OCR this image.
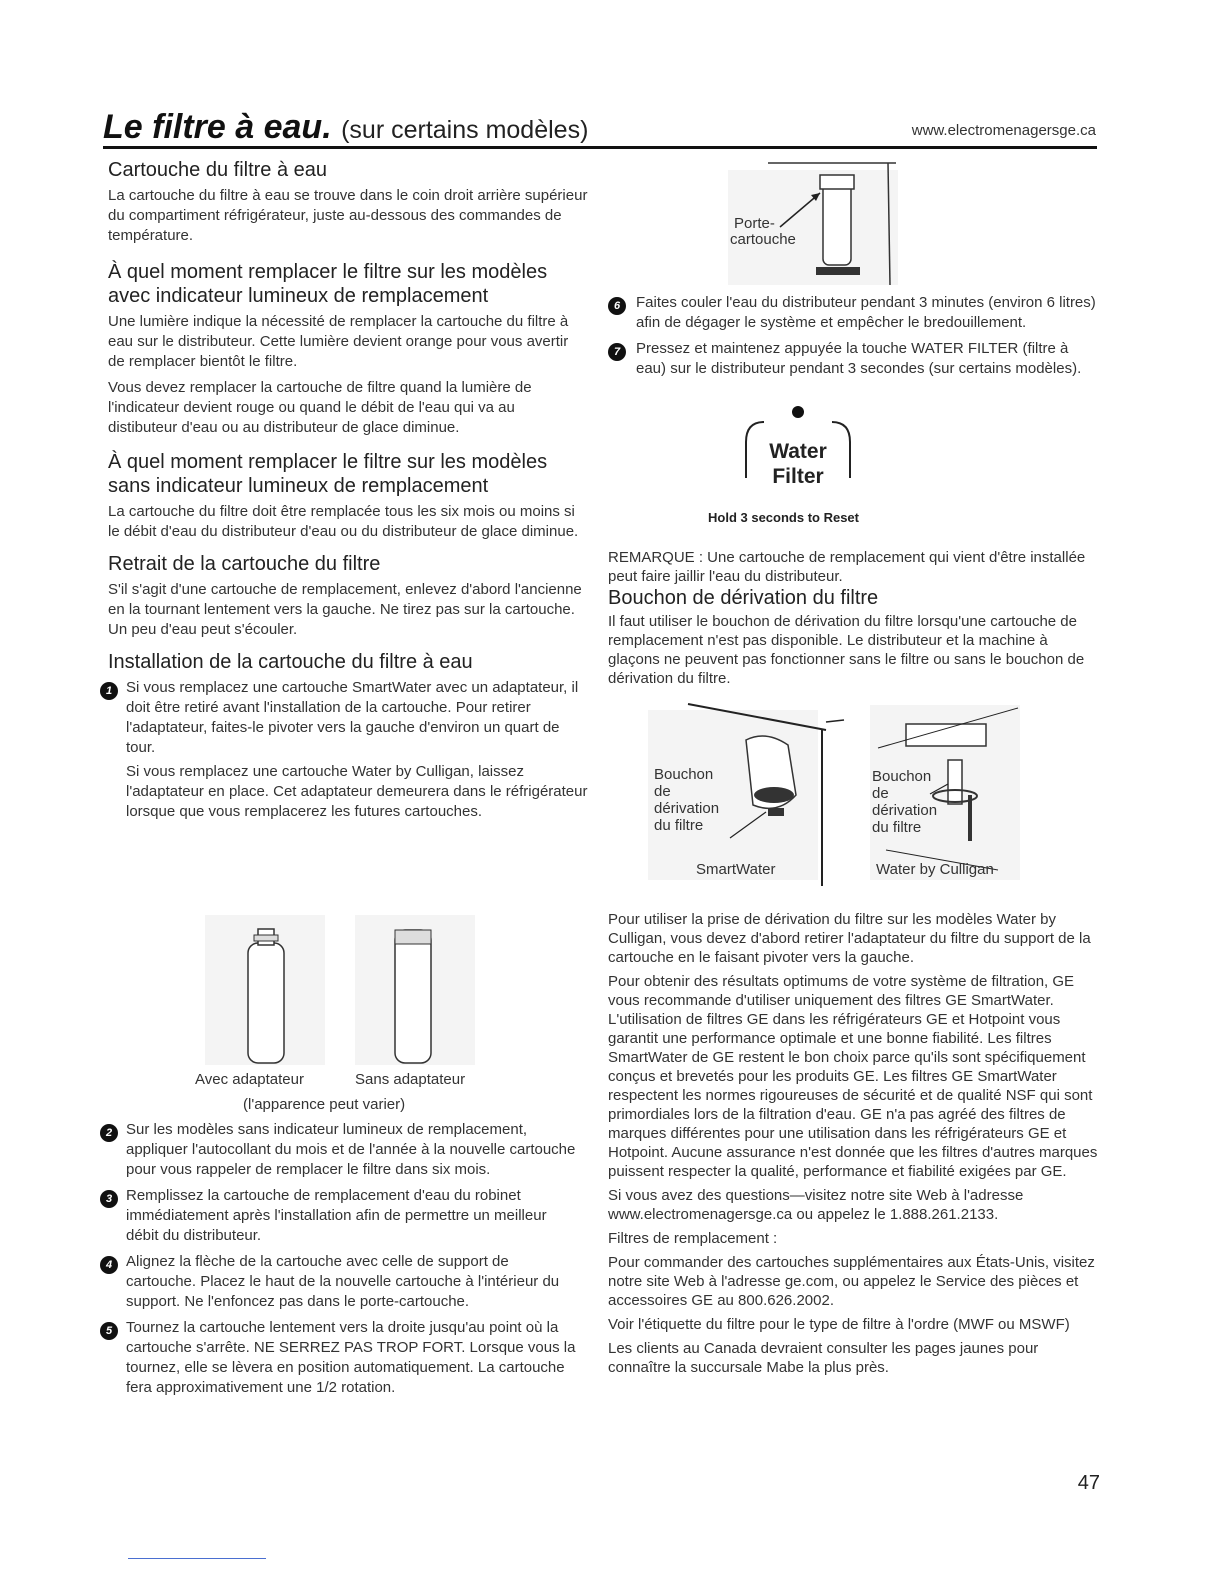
Le filtre à eau. (sur certains modèles)	www.electromenagersge.ca
Cartouche du filtre à eau

La cartouche du filtre à eau se trouve dans le coin droit arrière supérieur du compartiment réfrigérateur, juste au-dessous des commandes de température.

À quel moment remplacer le filtre sur les modèles avec indicateur lumineux de remplacement

Une lumière indique la nécessité de remplacer la cartouche du filtre à eau sur le distributeur. Cette lumière devient orange pour vous avertir de remplacer bientôt le filtre.

Vous devez remplacer la cartouche de filtre quand la lumière de l'indicateur devient rouge ou quand le débit de l'eau qui va au distibuteur d'eau ou au distributeur de glace diminue.

À quel moment remplacer le filtre sur les modèles sans indicateur lumineux de remplacement

La cartouche du filtre doit être remplacée tous les six mois ou moins si le débit d'eau du distributeur d'eau ou du distributeur de glace diminue.

Retrait de la cartouche du filtre

S'il s'agit d'une cartouche de remplacement, enlevez d'abord l'ancienne en la tournant lentement vers la gauche. Ne tirez pas sur la cartouche. Un peu d'eau peut s'écouler.

Installation de la cartouche du filtre à eau
1 Si vous remplacez une cartouche SmartWater avec un adaptateur, il doit être retiré avant l'installation de la cartouche. Pour retirer l'adaptateur, faites-le pivoter vers la gauche d'environ un quart de tour.

Si vous remplacez une cartouche Water by Culligan, laissez l'adaptateur en place. Cet adaptateur demeurera dans le réfrigérateur lorsque que vous remplacerez les futures cartouches.

Avec adaptateur	Sans adaptateur
(l'apparence peut varier)
2 Sur les modèles sans indicateur lumineux de remplacement, appliquer l'autocollant du mois et de l'année à la nouvelle cartouche pour vous rappeler de remplacer le filtre dans six mois.

3 Remplissez la cartouche de remplacement d'eau du robinet immédiatement après l'installation afin de permettre un meilleur débit du distributeur.

4 Alignez la flèche de la cartouche avec celle de support de cartouche. Placez le haut de la nouvelle cartouche à l'intérieur du support. Ne l'enfoncez pas dans le porte-cartouche.

5 Tournez la cartouche lentement vers la droite jusqu'au point où la cartouche s'arrête. NE SERREZ PAS TROP FORT. Lorsque vous la tournez, elle se lèvera en position automatiquement. La cartouche fera approximativement une 1/2 rotation.

Porte-
cartouche
6	Faites couler l'eau du distributeur pendant 3 minutes (environ 6 litres) afin de dégager le système et empêcher le bredouillement.

7	Pressez et maintenez appuyée la touche WATER FILTER (filtre à eau) sur le distributeur pendant 3 secondes (sur certains modèles).

Water
Filter
Hold 3 seconds to Reset

REMARQUE : Une cartouche de remplacement qui vient d'être installée peut faire jaillir l'eau du distributeur.

Bouchon de dérivation du filtre

Il faut utiliser le bouchon de dérivation du filtre lorsqu'une cartouche de remplacement n'est pas disponible. Le distributeur et la machine à glaçons ne peuvent pas fonctionner sans le filtre ou sans le bouchon de dérivation du filtre.

Bouchon
de
dérivation
du filtre
SmartWater
Bouchon
de
dérivation
du filtre
Water by Culligan

Pour utiliser la prise de dérivation du filtre sur les modèles Water by Culligan, vous devez d'abord retirer l'adaptateur du filtre du support de la cartouche en le faisant pivoter vers la gauche.

Pour obtenir des résultats optimums de votre système de filtration, GE vous recommande d'utiliser uniquement des filtres GE SmartWater. L'utilisation de filtres GE dans les réfrigérateurs GE et Hotpoint vous garantit une performance optimale et une bonne fiabilité. Les filtres SmartWater de GE restent le bon choix parce qu'ils sont spécifiquement conçus et brevetés pour les produits GE. Les filtres GE SmartWater respectent les normes rigoureuses de sécurité et de qualité NSF qui sont primordiales lors de la filtration d'eau. GE n'a pas agréé des filtres de marques différentes pour une utilisation dans les réfrigérateurs GE et Hotpoint. Aucune assurance n'est donnée que les filtres d'autres marques puissent respecter la qualité, performance et fiabilité exigées par GE.

Si vous avez des questions—visitez notre site Web à l'adresse www.electromenagersge.ca ou appelez le 1.888.261.2133.

Filtres de remplacement :

Pour commander des cartouches supplémentaires aux États-Unis, visitez notre site Web à l'adresse ge.com, ou appelez le Service des pièces et accessoires GE au 800.626.2002.

Voir l'étiquette du filtre pour le type de filtre à l'ordre (MWF ou MSWF)

Les clients au Canada devraient consulter les pages jaunes pour connaître la succursale Mabe la plus près.

47
